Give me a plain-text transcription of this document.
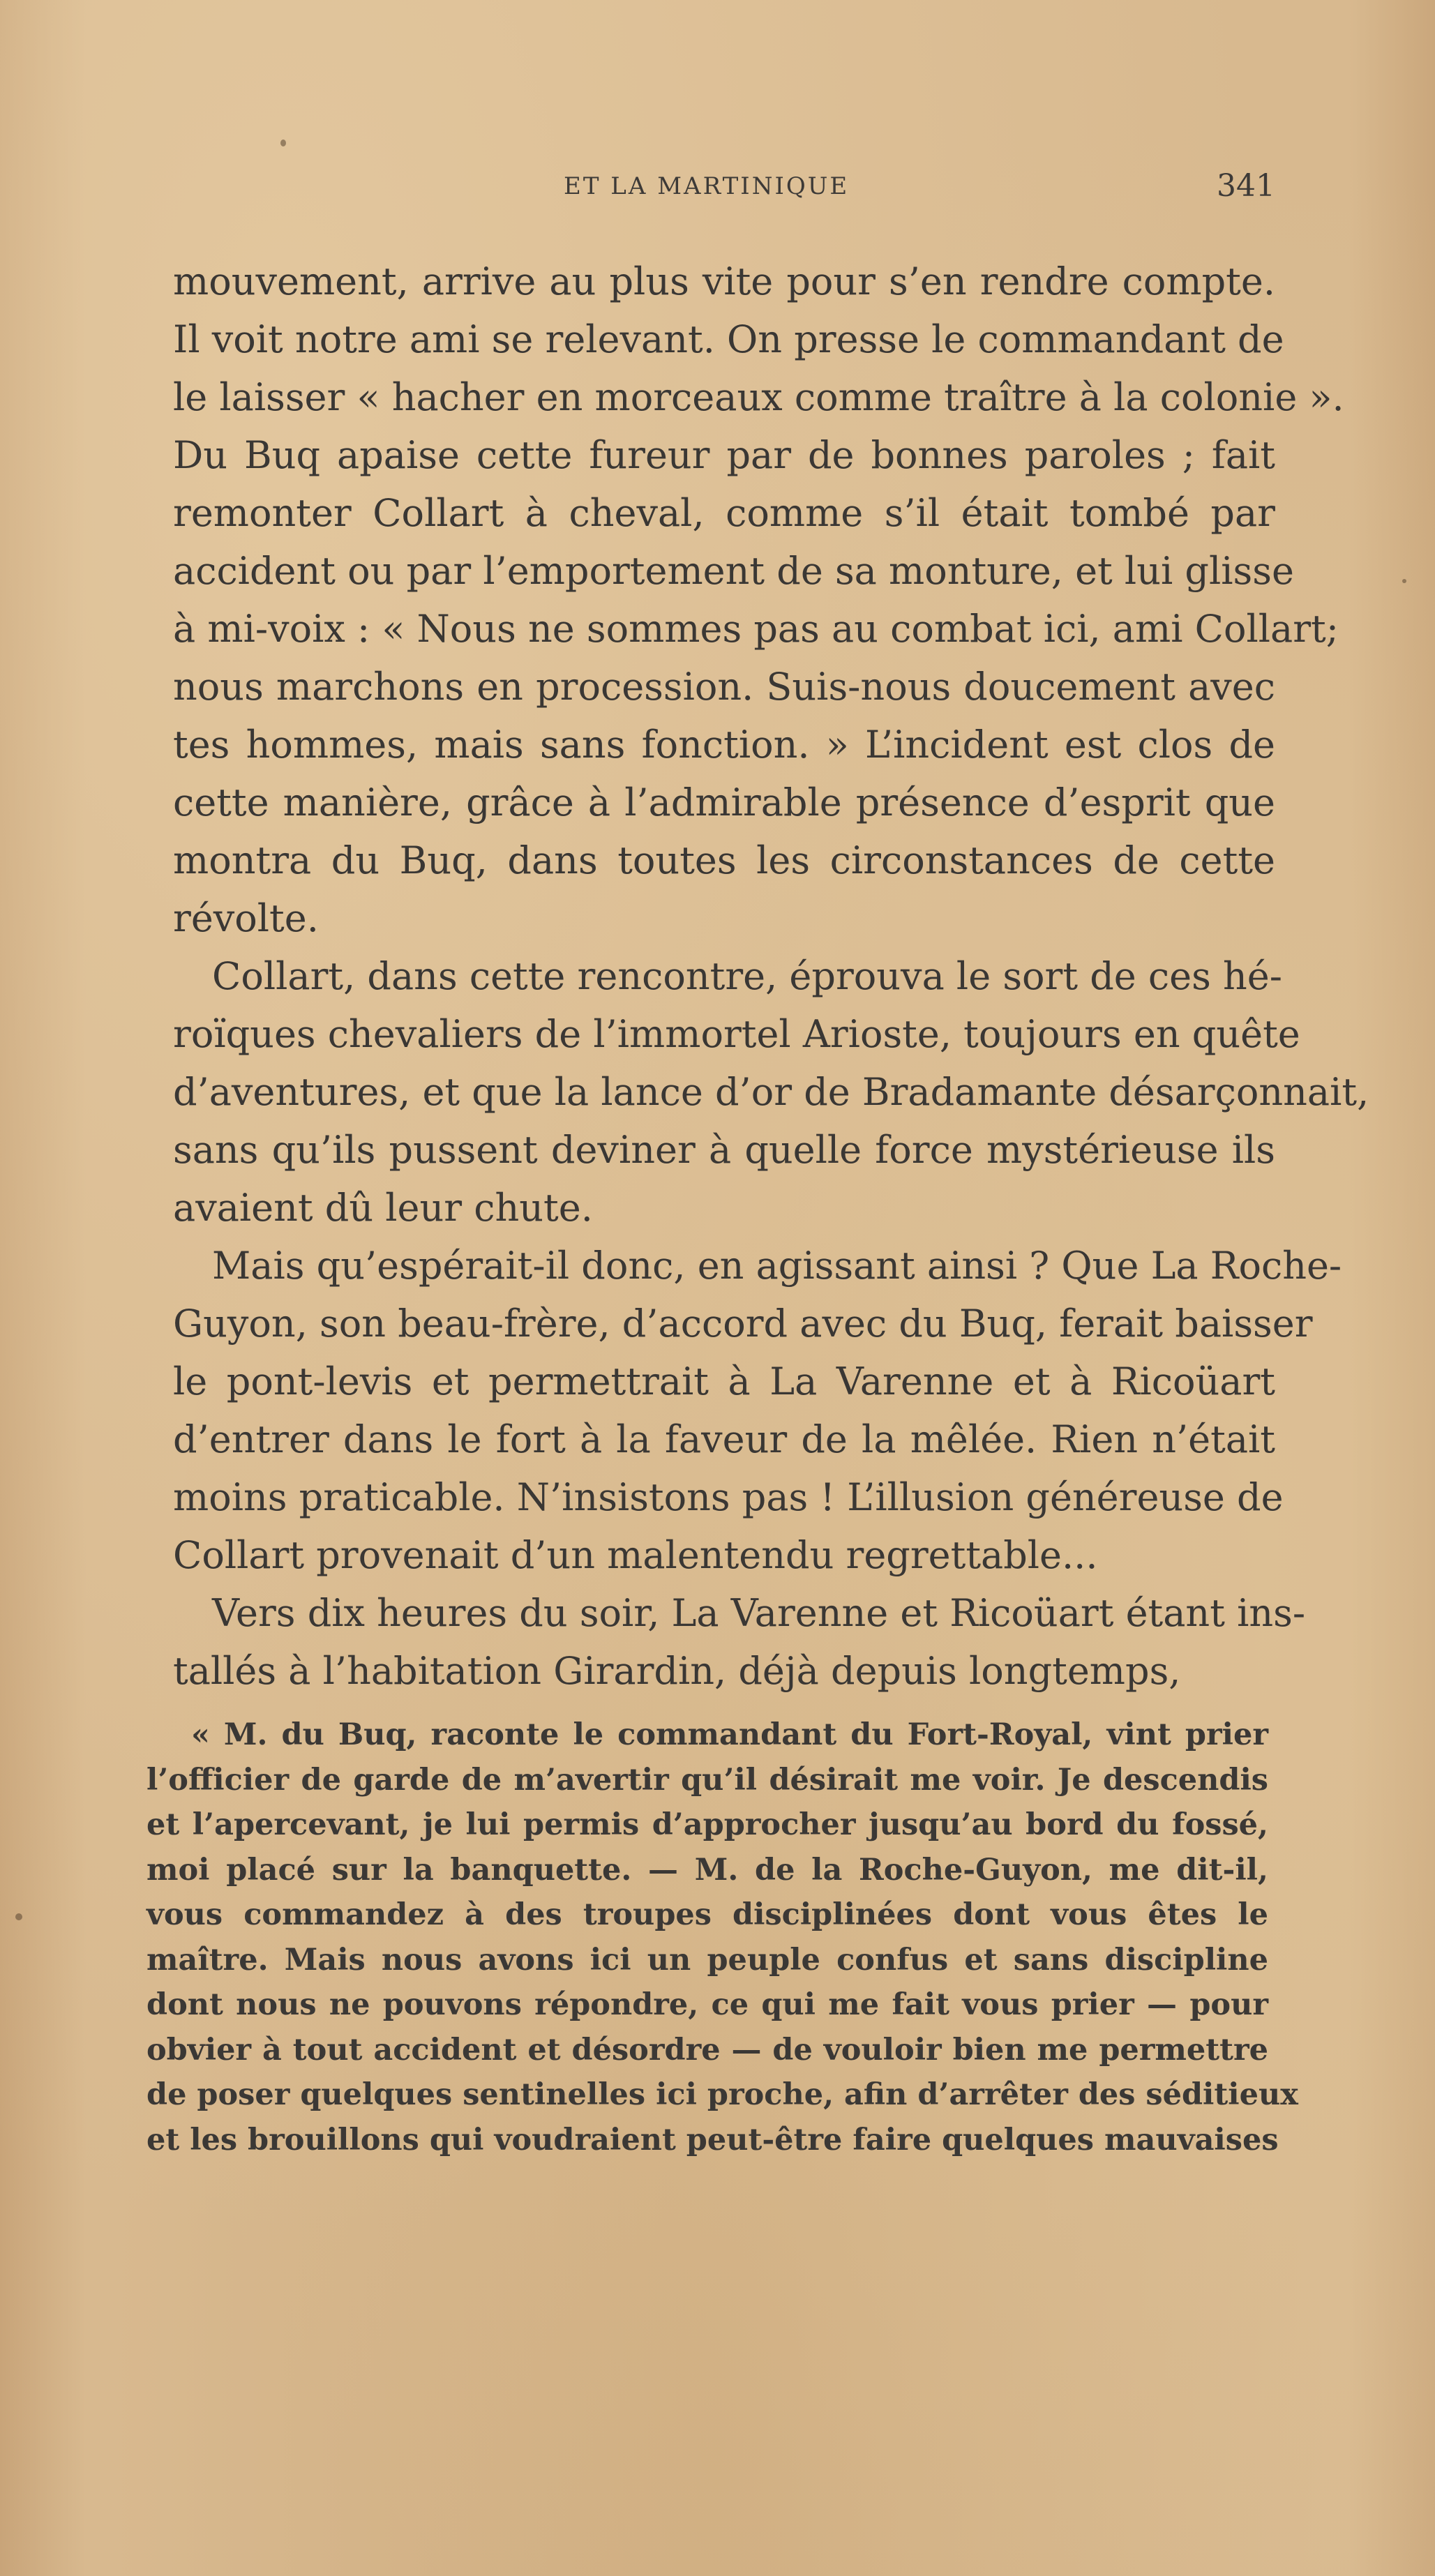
ET LA MARTINIQUE	341
mouvement, arrive au plus vite pour s’en rendre compte.
Il voit notre ami se relevant. On presse le commandant de
le laisser « hacher en morceaux comme traître à la colonie ».
Du Buq apaise cette fureur par de bonnes paroles ; fait
remonter Collart à cheval, comme s’il était tombé par
accident ou par l’emportement de sa monture, et lui glisse
à mi-voix : « Nous ne sommes pas au combat ici, ami Collart;
nous marchons en procession. Suis-nous doucement avec
tes hommes, mais sans fonction. » L’incident est clos de
cette manière, grâce à l’admirable présence d’esprit que
montra du Buq, dans toutes les circonstances de cette
révolte.
Collart, dans cette rencontre, éprouva le sort de ces hé-
roïques chevaliers de l’immortel Arioste, toujours en quête
d’aventures, et que la lance d’or de Bradamante désarçonnait,
sans qu’ils pussent deviner à quelle force mystérieuse ils
avaient dû leur chute.
Mais qu’espérait-il donc, en agissant ainsi ? Que La Roche-
Guyon, son beau-frère, d’accord avec du Buq, ferait baisser
le pont-levis et permettrait à La Varenne et à Ricoüart
d’entrer dans le fort à la faveur de la mêlée. Rien n’était
moins praticable. N’insistons pas ! L’illusion généreuse de
Collart provenait d’un malentendu regrettable...
Vers dix heures du soir, La Varenne et Ricoüart étant ins-
tallés à l’habitation Girardin, déjà depuis longtemps,
« M. du Buq, raconte le commandant du Fort-Royal, vint prier
l’officier de garde de m’avertir qu’il désirait me voir. Je descendis
et l’apercevant, je lui permis d’approcher jusqu’au bord du fossé,
moi placé sur la banquette. — M. de la Roche-Guyon, me dit-il,
vous commandez à des troupes disciplinées dont vous êtes le
maître. Mais nous avons ici un peuple confus et sans discipline
dont nous ne pouvons répondre, ce qui me fait vous prier — pour
obvier à tout accident et désordre — de vouloir bien me permettre
de poser quelques sentinelles ici proche, afin d’arrêter des séditieux
et les brouillons qui voudraient peut-être faire quelques mauvaises
